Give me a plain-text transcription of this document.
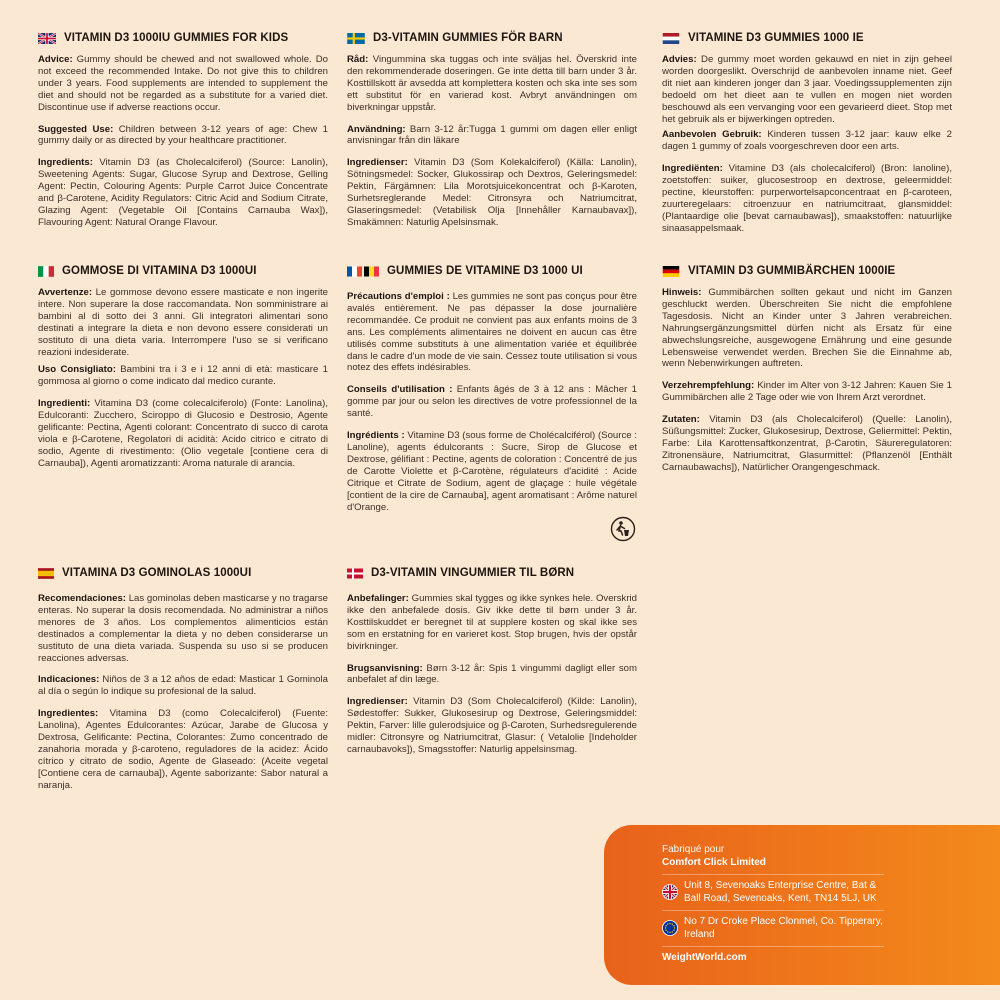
VITAMIN D3 1000IU GUMMIES FOR KIDS

Advice: Gummy should be chewed and not swallowed whole. Do not exceed the recommended Intake. Do not give this to children under 3 years. Food supplements are intended to supplement the diet and should not be regarded as a substitute for a varied diet. Discontinue use if adverse reactions occur.

Suggested Use: Children between 3-12 years of age: Chew 1 gummy daily or as directed by your healthcare practitioner.

Ingredients: Vitamin D3 (as Cholecalciferol) (Source: Lanolin), Sweetening Agents: Sugar, Glucose Syrup and Dextrose, Gelling Agent: Pectin, Colouring Agents: Purple Carrot Juice Concentrate and β-Carotene, Acidity Regulators: Citric Acid and Sodium Citrate, Glazing Agent: (Vegetable Oil [Contains Carnauba Wax]), Flavouring Agent: Natural Orange Flavour.

D3-VITAMIN GUMMIES FÖR BARN

Råd: Vingummina ska tuggas och inte sväljas hel. Överskrid inte den rekommenderade doseringen. Ge inte detta till barn under 3 år. Kosttillskott är avsedda att komplettera kosten och ska inte ses som ett substitut för en varierad kost. Avbryt användningen om biverkningar uppstår.

Användning: Barn 3-12 år:Tugga 1 gummi om dagen eller enligt anvisningar från din läkare

Ingredienser: Vitamin D3 (Som Kolekalciferol) (Källa: Lanolin), Sötningsmedel: Socker, Glukossirap och Dextros, Geleringsmedel: Pektin, Färgämnen: Lila Morotsjuicekoncentrat och β-Karoten, Surhetsreglerande Medel: Citronsyra och Natriumcitrat, Glaseringsmedel: (Vetabilisk Olja [Innehåller Karnaubavax]), Smakämnen: Naturlig Apelsinsmak.

VITAMINE D3 GUMMIES 1000 IE

Advies: De gummy moet worden gekauwd en niet in zijn geheel worden doorgeslikt. Overschrijd de aanbevolen inname niet. Geef dit niet aan kinderen jonger dan 3 jaar. Voedingssupplementen zijn bedoeld om het dieet aan te vullen en mogen niet worden beschouwd als een vervanging voor een gevarieerd dieet. Stop met het gebruik als er bijwerkingen optreden.

Aanbevolen Gebruik: Kinderen tussen 3-12 jaar: kauw elke 2 dagen 1 gummy of zoals voorgeschreven door een arts.

Ingrediënten: Vitamine D3 (als cholecalciferol) (Bron: lanoline), zoetstoffen: suiker, glucosestroop en dextrose, geleermiddel: pectine, kleurstoffen: purperwortelsapconcentraat en β-caroteen, zuurteregelaars: citroenzuur en natriumcitraat, glansmiddel: (Plantaardige olie [bevat carnaubawas]), smaakstoffen: natuurlijke sinaasappelsmaak.

GOMMOSE DI VITAMINA D3 1000UI

Avvertenze: Le gommose devono essere masticate e non ingerite intere. Non superare la dose raccomandata. Non somministrare ai bambini al di sotto dei 3 anni. Gli integratori alimentari sono destinati a integrare la dieta e non devono essere considerati un sostituto di una dieta varia. Interrompere l'uso se si verificano reazioni indesiderate.

Uso Consigliato: Bambini tra i 3 e i 12 anni di età: masticare 1 gommosa al giorno o come indicato dal medico curante.

Ingredienti: Vitamina D3 (come colecalciferolo) (Fonte: Lanolina), Edulcoranti: Zucchero, Sciroppo di Glucosio e Destrosio, Agente gelificante: Pectina, Agenti colorant: Concentrato di succo di carota viola e β-Carotene, Regolatori di acidità: Acido citrico e citrato di sodio, Agente di rivestimento: (Olio vegetale [contiene cera di Carnauba]), Agenti aromatizzanti: Aroma naturale di arancia.

GUMMIES DE VITAMINE D3 1000 UI

Précautions d'emploi : Les gummies ne sont pas conçus pour être avalés entièrement. Ne pas dépasser la dose journalière recommandée. Ce produit ne convient pas aux enfants moins de 3 ans. Les compléments alimentaires ne doivent en aucun cas être utilisés comme substituts à une alimentation variée et équilibrée dans le cadre d'un mode de vie sain. Cessez toute utilisation si vous notez des effets indésirables.

Conseils d'utilisation : Enfants âgés de 3 à 12 ans : Mâcher 1 gomme par jour ou selon les directives de votre professionnel de la santé.

Ingrédients : Vitamine D3 (sous forme de Cholécalciférol) (Source : Lanoline), agents édulcorants : Sucre, Sirop de Glucose et Dextrose, gélifiant : Pectine, agents de coloration : Concentré de jus de Carotte Violette et β-Carotène, régulateurs d'acidité : Acide Citrique et Citrate de Sodium, agent de glaçage : huile végétale [contient de la cire de Carnauba], agent aromatisant : Arôme naturel d'Orange.

VITAMIN D3 GUMMIBÄRCHEN 1000IE

Hinweis: Gummibärchen sollten gekaut und nicht im Ganzen geschluckt werden. Überschreiten Sie nicht die empfohlene Tagesdosis. Nicht an Kinder unter 3 Jahren verabreichen. Nahrungsergänzungsmittel dürfen nicht als Ersatz für eine abwechslungsreiche, ausgewogene Ernährung und eine gesunde Lebensweise verwendet werden. Brechen Sie die Einnahme ab, wenn Nebenwirkungen auftreten.

Verzehrempfehlung: Kinder im Alter von 3-12 Jahren: Kauen Sie 1 Gummibärchen alle 2 Tage oder wie von Ihrem Arzt verordnet.

Zutaten: Vitamin D3 (als Cholecalciferol) (Quelle: Lanolin), Süßungsmittel: Zucker, Glukosesirup, Dextrose, Geliermittel: Pektin, Farbe: Lila Karottensaftkonzentrat, β-Carotin, Säureregulatoren: Zitronensäure, Natriumcitrat, Glasurmittel: (Pflanzenöl [Enthält Carnaubawachs]), Natürlicher Orangengeschmack.

VITAMINA D3 GOMINOLAS 1000UI

Recomendaciones: Las gominolas deben masticarse y no tragarse enteras. No superar la dosis recomendada. No administrar a niños menores de 3 años. Los complementos alimenticios están destinados a complementar la dieta y no deben considerarse un sustituto de una dieta variada. Suspenda su uso si se producen reacciones adversas.

Indicaciones: Niños de 3 a 12 años de edad: Masticar 1 Gominola al día o según lo indique su profesional de la salud.

Ingredientes: Vitamina D3 (como Colecalciferol) (Fuente: Lanolina), Agentes Edulcorantes: Azúcar, Jarabe de Glucosa y Dextrosa, Gelificante: Pectina, Colorantes: Zumo concentrado de zanahoria morada y β-caroteno, reguladores de la acidez: Ácido cítrico y citrato de sodio, Agente de Glaseado: (Aceite vegetal [Contiene cera de carnauba]), Agente saborizante: Sabor natural a naranja.

D3-VITAMIN VINGUMMIER TIL BØRN

Anbefalinger: Gummies skal tygges og ikke synkes hele. Overskrid ikke den anbefalede dosis. Giv ikke dette til børn under 3 år. Kosttilskuddet er beregnet til at supplere kosten og skal ikke ses som en erstatning for en varieret kost. Stop brugen, hvis der opstår bivirkninger.

Brugsanvisning: Børn 3-12 år: Spis 1 vingummi dagligt eller som anbefalet af din læge.

Ingredienser: Vitamin D3 (Som Cholecalciferol) (Kilde: Lanolin), Sødestoffer: Sukker, Glukosesirup og Dextrose, Geleringsmiddel: Pektin, Farver: lille gulerodsjuice og β-Caroten, Surhedsregulerende midler: Citronsyre og Natriumcitrat, Glasur: ( Vetalolie [Indeholder carnaubavoks]), Smagsstoffer: Naturlig appelsinsmag.

Fabriqué pour
Comfort Click Limited
Unit 8, Sevenoaks Enterprise Centre, Bat & Ball Road, Sevenoaks, Kent, TN14 5LJ, UK
No 7 Dr Croke Place Clonmel, Co. Tipperary, Ireland
WeightWorld.com
